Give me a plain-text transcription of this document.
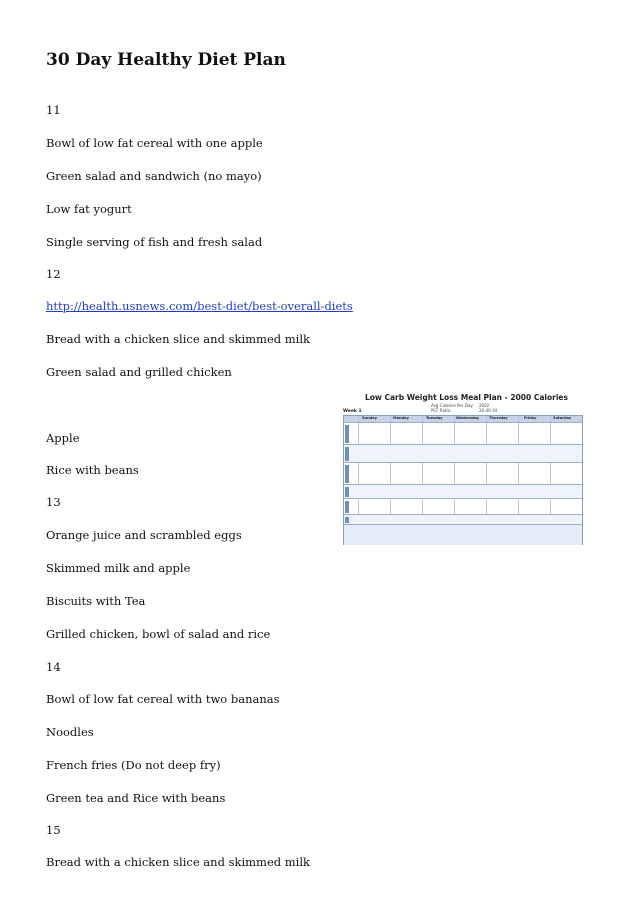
30 Day Healthy Diet Plan
11
Bowl of low fat cereal with one apple
Green salad and sandwich (no mayo)
Low fat yogurt
Single serving of fish and fresh salad
12
http://health.usnews.com/best-diet/best-overall-diets
Bread with a chicken slice and skimmed milk
Green salad and grilled chicken
Apple
Rice with beans
13
Orange juice and scrambled eggs
Skimmed milk and apple
Biscuits with Tea
Grilled chicken, bowl of salad and rice
14
Bowl of low fat cereal with two bananas
Noodles
French fries (Do not deep fry)
Green tea and Rice with beans
15
Bread with a chicken slice and skimmed milk
Low Carb Weight Loss Meal Plan - 2000 Calories
Avg Calories Per Day: 2002
PCF Ratio:	26-40-34
Week 1
Sunday	Monday	Tuesday	Wednesday	Thursday	Friday	Saturday
